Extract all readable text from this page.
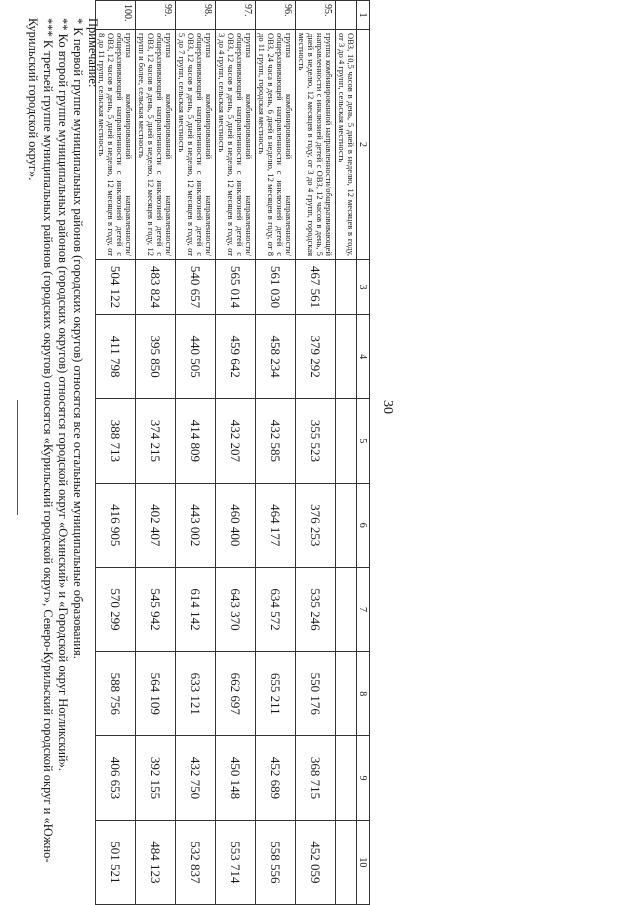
30
1	2	3	4	5	6	7	8	9	10
	ОВЗ, 10,5 часов в день, 5 дней в неделю, 12 месяцев в году, от 3 до 4 групп, сельская местность								
95.	группа комбинированной направленности/общеразвивающей направленности с инклюзией детей с ОВЗ, 12 часов в день, 5 дней в неделю, 12 месяцев в году, от 3 до 4 групп, городская местность	467 561	379 292	355 523	376 253	535 246	550 176	368 715	452 059
96.	группа комбинированной направленности/ общеразвивающей направленности с инклюзией детей с ОВЗ, 24 часа в день, 6 дней в неделю, 12 месяцев в году, от 8 до 11 групп, городская местность	561 030	458 234	432 585	464 177	634 572	655 211	452 689	558 556
97.	группа комбинированной направленности/ общеразвивающей направленности с инклюзией детей с ОВЗ, 12 часов в день, 5 дней в неделю, 12 месяцев в году, от 3 до 4 групп, сельская местность	565 014	459 642	432 207	460 400	643 370	662 697	450 148	553 714
98.	группа комбинированной направленности/ общеразвивающей направленности с инклюзией детей с ОВЗ, 12 часов в день, 5 дней в неделю, 12 месяцев в году, от 5 до 7 групп, сельская местность	540 657	440 505	414 809	443 002	614 142	633 121	432 750	532 837
99.	группа комбинированной направленности/ общеразвивающей направленности с инклюзией детей с ОВЗ, 12 часов в день, 5 дней в неделю, 12 месяцев в году, 12 групп и более, сельская местность	483 824	395 850	374 215	402 407	545 942	564 109	392 155	484 123
100.	группа комбинированной направленности/ общеразвивающей направленности с инклюзией детей с ОВЗ, 12 часов в день, 5 дней в неделю, 12 месяцев в году, от 8 до 11 групп, сельская местность	504 122	411 798	388 713	416 905	570 299	588 756	406 653	501 521

Примечание:

* К первой группе муниципальных районов (городских округов) относятся все остальные муниципальные образования.

** Ко второй группе муниципальных районов (городских округов) относятся городской округ «Охинский» и «Городской округ Ногликский».

*** К третьей группе муниципальных районов (городских округов) относятся «Курильский городской округ», Северо-Курильский городской округ и «Южно-Курильский городской округ».
